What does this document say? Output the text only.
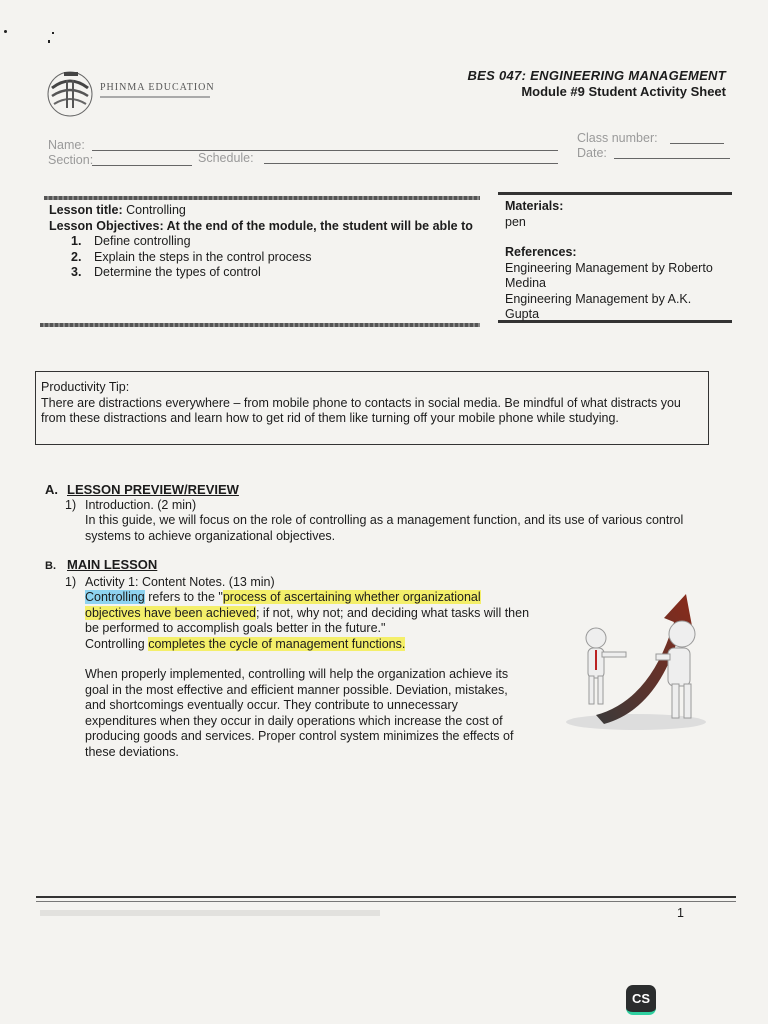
PHINMA EDUCATION
BES 047: ENGINEERING MANAGEMENT
Module #9 Student Activity Sheet
Name:
Section:	Schedule:
Class number:
Date:
Lesson title: Controlling
Lesson Objectives: At the end of the module, the student will be able to
1. Define controlling
2. Explain the steps in the control process
3. Determine the types of control
Materials:
pen
References:
Engineering Management by Roberto Medina
Engineering Management by A.K. Gupta
Productivity Tip:
There are distractions everywhere – from mobile phone to contacts in social media. Be mindful of what distracts you from these distractions and learn how to get rid of them like turning off your mobile phone while studying.
A. LESSON PREVIEW/REVIEW
1) Introduction. (2 min)
In this guide, we will focus on the role of controlling as a management function, and its use of various control systems to achieve organizational objectives.
B. MAIN LESSON
1) Activity 1: Content Notes. (13 min)
Controlling refers to the "process of ascertaining whether organizational objectives have been achieved; if not, why not; and deciding what tasks will then be performed to accomplish goals better in the future."
Controlling completes the cycle of management functions.
When properly implemented, controlling will help the organization achieve its goal in the most effective and efficient manner possible. Deviation, mistakes, and shortcomings eventually occur. They contribute to unnecessary expenditures when they occur in daily operations which increase the cost of producing goods and services. Proper control system minimizes the effects of these deviations.
1
CS
